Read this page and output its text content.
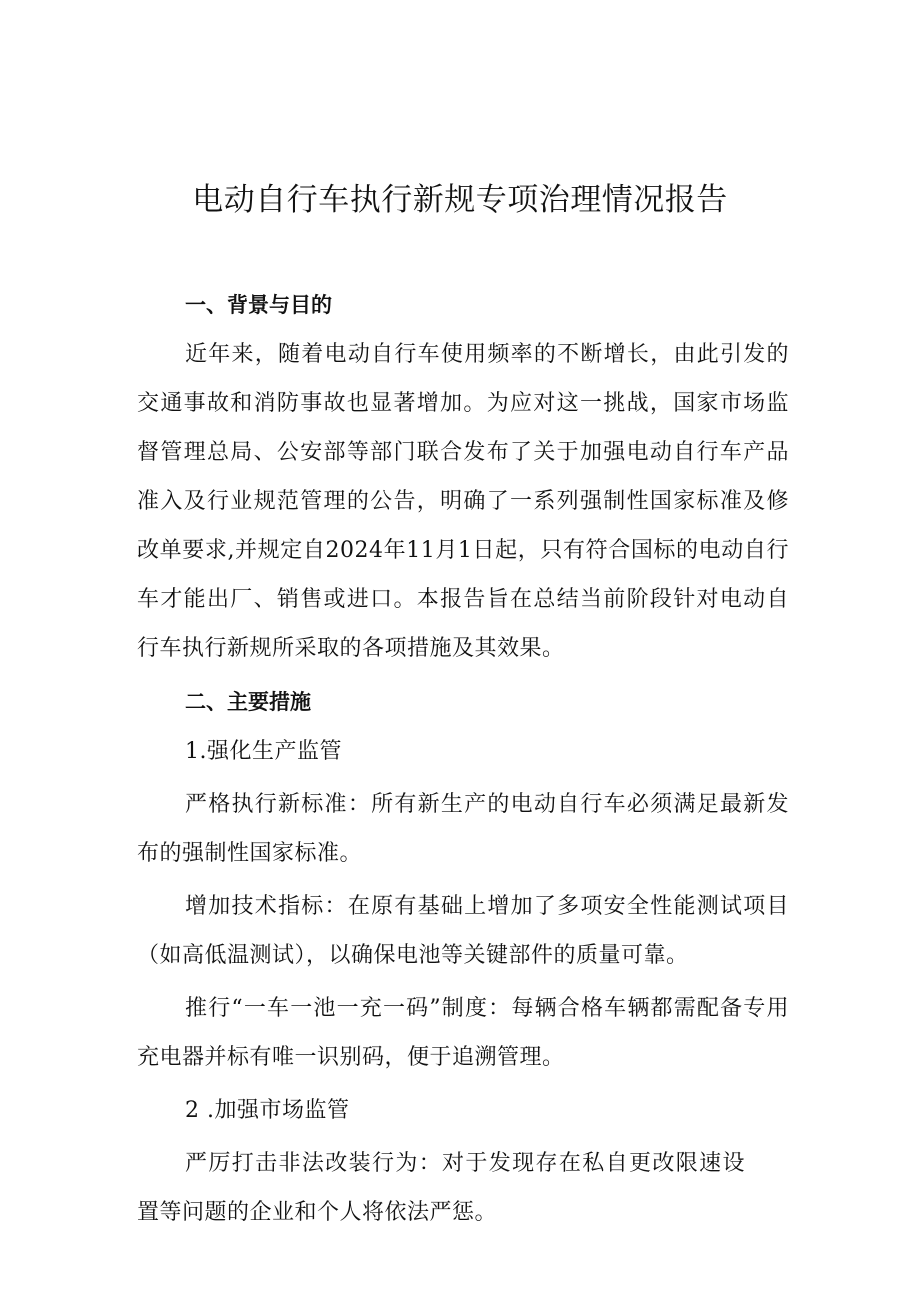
电动自行车执行新规专项治理情况报告
一、背景与目的

近年来，随着电动自行车使用频率的不断增长，由此引发的交通事故和消防事故也显著增加。为应对这一挑战，国家市场监督管理总局、公安部等部门联合发布了关于加强电动自行车产品准入及行业规范管理的公告，明确了一系列强制性国家标准及修改单要求,并规定自2024年11月1日起，只有符合国标的电动自行车才能出厂、销售或进口。本报告旨在总结当前阶段针对电动自行车执行新规所采取的各项措施及其效果。

二、主要措施
1.强化生产监管

严格执行新标准：所有新生产的电动自行车必须满足最新发布的强制性国家标准。

增加技术指标：在原有基础上增加了多项安全性能测试项目（如高低温测试），以确保电池等关键部件的质量可靠。

推行“一车一池一充一码”制度：每辆合格车辆都需配备专用充电器并标有唯一识别码，便于追溯管理。

2 .加强市场监管

严厉打击非法改装行为：对于发现存在私自更改限速设置等问题的企业和个人将依法严惩。
